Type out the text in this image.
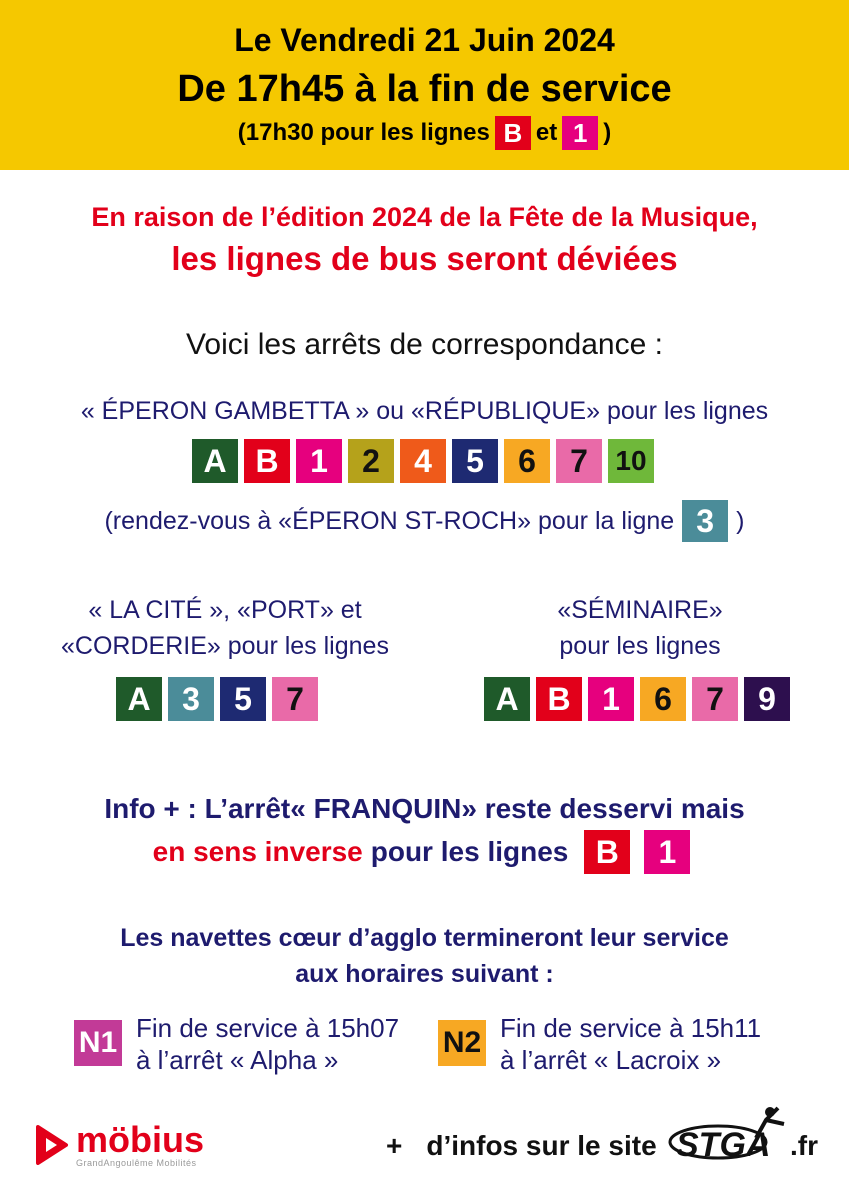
Le Vendredi 21 Juin 2024
De 17h45 à la fin de service
(17h30 pour les lignes B et 1 )
En raison de l’édition 2024 de la Fête de la Musique,
les lignes de bus seront déviées
Voici les arrêts de correspondance :
« ÉPERON GAMBETTA » ou «RÉPUBLIQUE» pour les lignes
A B 1	2	4	5	6	7 10
(rendez-vous à «ÉPERON ST-ROCH» pour la ligne 3 )
« LA CITÉ », «PORT» et
«CORDERIE» pour les lignes
A 3	5	7
«SÉMINAIRE»
pour les lignes
A B 1	6	7	9
Info + : L’arrêt« FRANQUIN» reste desservi mais
en sens inverse pour les lignes B	1
Les navettes cœur d’agglo termineront leur service
aux horaires suivant :
N1 Fin de service à 15h07
à l’arrêt « Alpha »
N2 Fin de service à 15h11
à l’arrêt « Lacroix »
möbius
GrandAngoulême Mobilités
+ d’infos sur le site STGA .fr
